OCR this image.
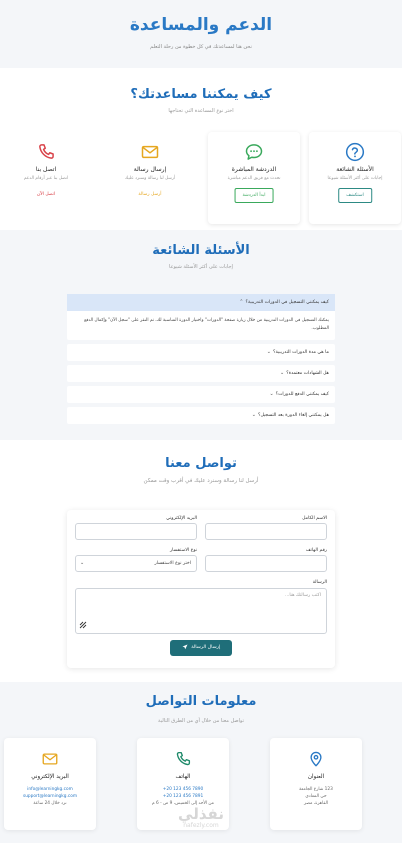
الدعم والمساعدة

نحن هنا لمساعدتك في كل خطوة من رحلة التعلم

كيف يمكننا مساعدتك؟

اختر نوع المساعدة التي تحتاجها

الأسئلة الشائعة
إجابات على أكثر الأسئلة شيوعا
استكشف
الدردشة المباشرة
تحدث مع فريق الدعم مباشرة
ابدأ الدردشة
إرسال رسالة
أرسل لنا رسالة وسنرد عليك
أرسل رسالة
اتصل بنا
اتصل بنا عبر أرقام الدعم
اتصل الآن
الأسئلة الشائعة

إجابات على أكثر الأسئلة شيوعا

كيف يمكنني التسجيل في الدورات التدريبية؟⌃
يمكنك التسجيل في الدورات التدريبية من خلال زيارة صفحة "الدورات" واختيار الدورة المناسبة لك، ثم النقر على "سجل الآن" وإكمال الدفع المطلوب.
ما هي مدة الدورات التدريبية؟⌄
هل الشهادات معتمدة؟⌄
كيف يمكنني الدفع للدورات؟⌄
هل يمكنني إلغاء الدورة بعد التسجيل؟⌄
تواصل معنا

أرسل لنا رسالة وسنرد عليك في أقرب وقت ممكن

الاسم الكامل
البريد الإلكتروني
رقم الهاتف
نوع الاستفسار
اختر نوع الاستفسار
⌄
الرسالة
اكتب رسالتك هنا...
إرسال الرسالة
معلومات التواصل

تواصل معنا من خلال أي من الطرق التالية

العنوان
123 شارع الجامعة
حي المعادي
القاهرة، مصر
الهاتف
+20 123 456 7890
+20 123 456 7891
من الأحد إلى الخميس، 9 ص - 6 م
البريد الإلكتروني
info@learningkg.com
support@learningkg.com
نرد خلال 24 ساعة
نفذلي
nafezly.com
